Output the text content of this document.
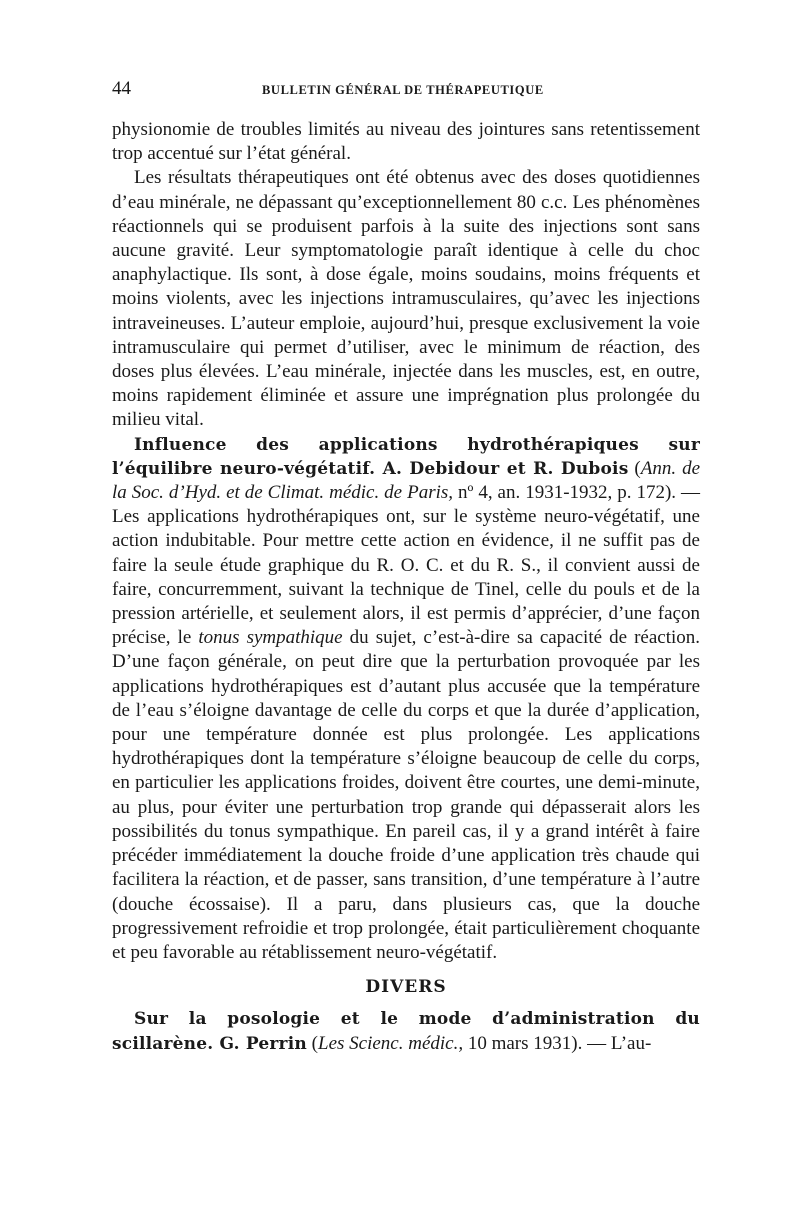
44	BULLETIN GÉNÉRAL DE THÉRAPEUTIQUE

physionomie de troubles limités au niveau des jointures sans retentissement trop accentué sur l’état général.

Les résultats thérapeutiques ont été obtenus avec des doses quotidiennes d’eau minérale, ne dépassant qu’exceptionnellement 80 c.c. Les phénomènes réactionnels qui se produisent parfois à la suite des injections sont sans aucune gravité. Leur symptomatologie paraît identique à celle du choc anaphylactique. Ils sont, à dose égale, moins soudains, moins fréquents et moins violents, avec les injections intramusculaires, qu’avec les injections intraveineuses. L’auteur emploie, aujourd’hui, presque exclusivement la voie intramusculaire qui permet d’utiliser, avec le minimum de réaction, des doses plus élevées. L’eau minérale, injectée dans les muscles, est, en outre, moins rapidement éliminée et assure une imprégnation plus prolongée du milieu vital.

Influence des applications hydrothérapiques sur l’équilibre neuro-végétatif. A. Debidour et R. Dubois (Ann. de la Soc. d’Hyd. et de Climat. médic. de Paris, nº 4, an. 1931-1932, p. 172). — Les applications hydrothérapiques ont, sur le système neuro-végétatif, une action indubitable. Pour mettre cette action en évidence, il ne suffit pas de faire la seule étude graphique du R. O. C. et du R. S., il convient aussi de faire, concurremment, suivant la technique de Tinel, celle du pouls et de la pression artérielle, et seulement alors, il est permis d’apprécier, d’une façon précise, le tonus sympathique du sujet, c’est-à-dire sa capacité de réaction. D’une façon générale, on peut dire que la perturbation provoquée par les applications hydrothérapiques est d’autant plus accusée que la température de l’eau s’éloigne davantage de celle du corps et que la durée d’application, pour une température donnée est plus prolongée. Les applications hydrothérapiques dont la température s’éloigne beaucoup de celle du corps, en particulier les applications froides, doivent être courtes, une demi-minute, au plus, pour éviter une perturbation trop grande qui dépasserait alors les possibilités du tonus sympathique. En pareil cas, il y a grand intérêt à faire précéder immédiatement la douche froide d’une application très chaude qui facilitera la réaction, et de passer, sans transition, d’une température à l’autre (douche écossaise). Il a paru, dans plusieurs cas, que la douche progressivement refroidie et trop prolongée, était particulièrement choquante et peu favorable au rétablissement neuro-végétatif.

DIVERS

Sur la posologie et le mode d’administration du scillarène. G. Perrin (Les Scienc. médic., 10 mars 1931). — L’au-
